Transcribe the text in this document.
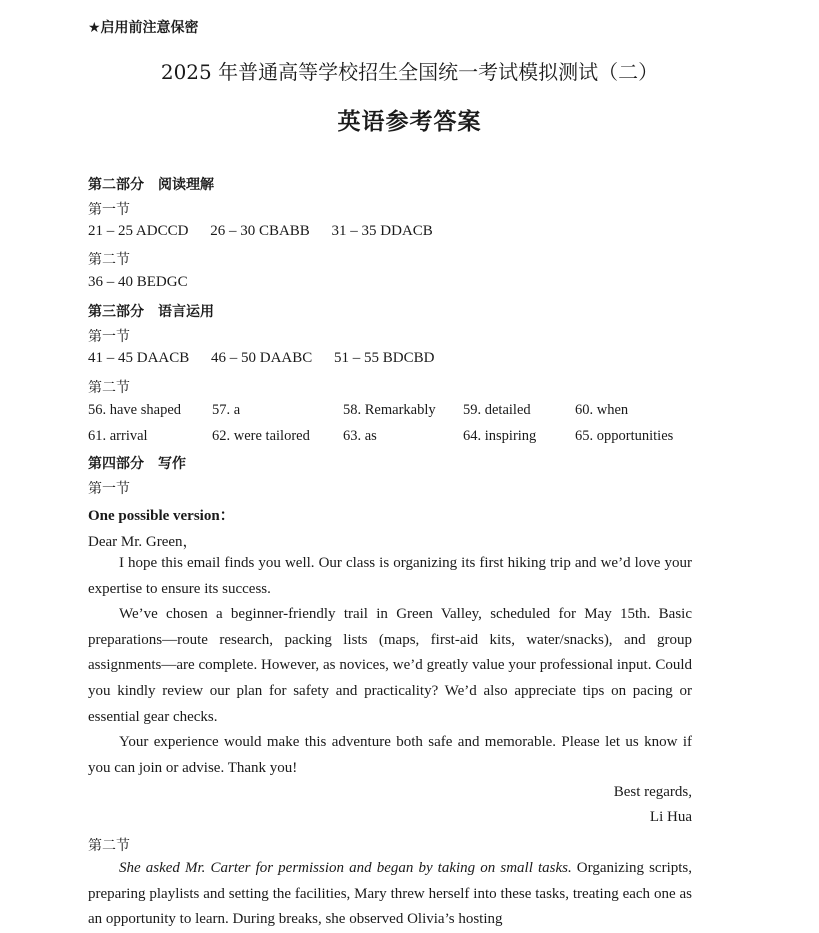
★启用前注意保密
2025 年普通高等学校招生全国统一考试模拟测试（二）
英语参考答案
第二部分　阅读理解
第一节
21 – 25 ADCCD 26 – 30 CBABB 31 – 35 DDACB
第二节
36 – 40 BEDGC
第三部分　语言运用
第一节
41 – 45 DAACB 46 – 50 DAABC 51 – 55 BDCBD
第二节
56. have shaped 57. a	58. Remarkably 59. detailed	60. when
61. arrival	62. were tailored 63. as	64. inspiring	65. opportunities
第四部分　写作
第一节
One possible version：
Dear Mr. Green，

I hope this email finds you well. Our class is organizing its first hiking trip and we’d love your expertise to ensure its success.

We’ve chosen a beginner-friendly trail in Green Valley, scheduled for May 15th. Basic preparations—route research, packing lists (maps, first-aid kits, water/snacks), and group assignments—are complete. However, as novices, we’d greatly value your professional input. Could you kindly review our plan for safety and practicality? We’d also appreciate tips on pacing or essential gear checks.

Your experience would make this adventure both safe and memorable. Please let us know if you can join or advise. Thank you!

Best regards,
Li Hua
第二节

She asked Mr. Carter for permission and began by taking on small tasks. Organizing scripts, preparing playlists and setting the facilities, Mary threw herself into these tasks, treating each one as an opportunity to learn. During breaks, she observed Olivia’s hosting
